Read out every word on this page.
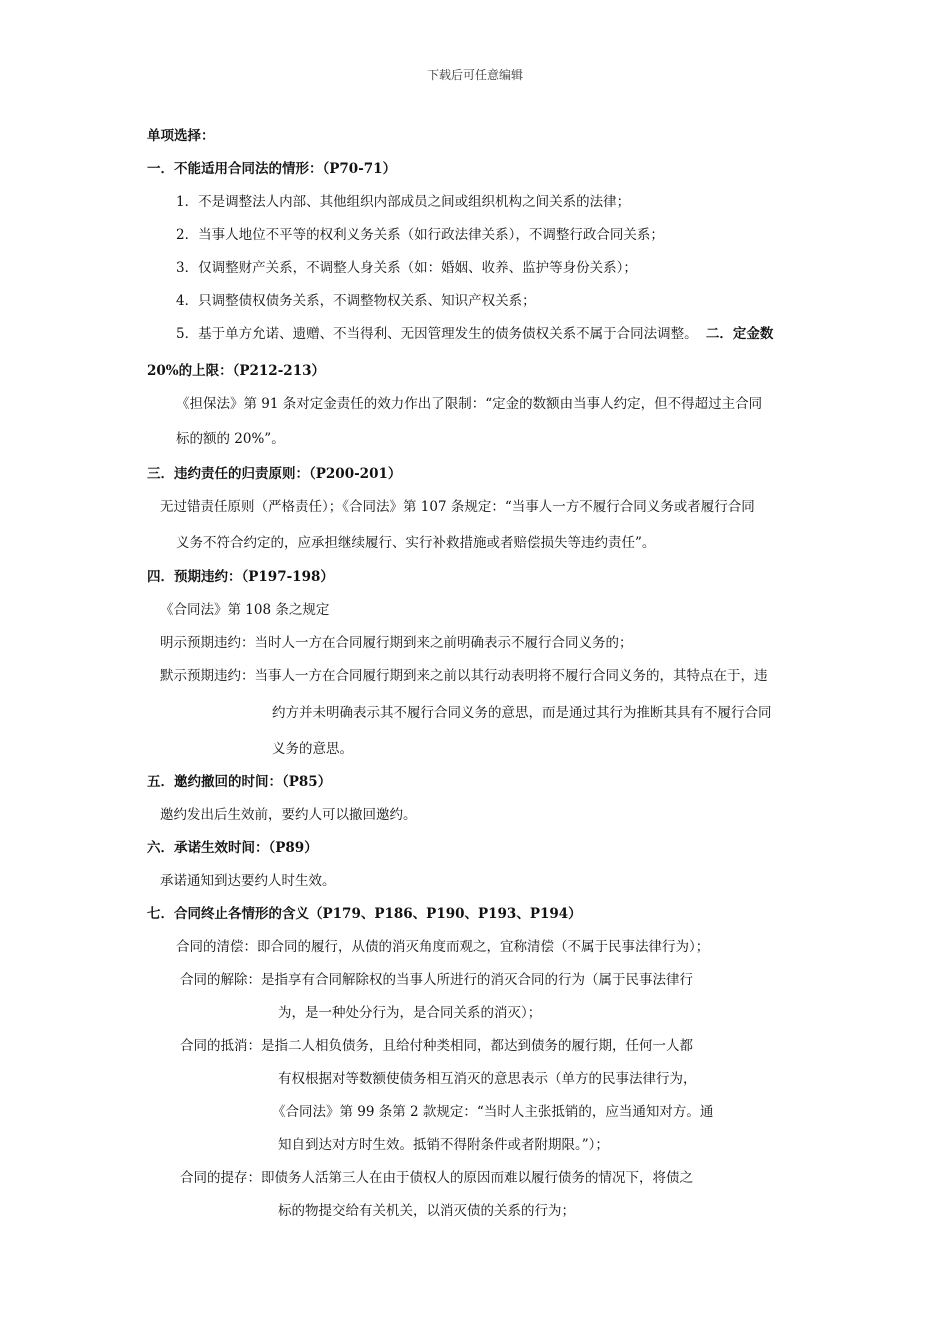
下载后可任意编辑
单项选择：
一．不能适用合同法的情形：（P70-71）
1．不是调整法人内部、其他组织内部成员之间或组织机构之间关系的法律；
2．当事人地位不平等的权利义务关系（如行政法律关系），不调整行政合同关系；
3．仅调整财产关系，不调整人身关系（如：婚姻、收养、监护等身份关系）；
4．只调整债权债务关系，不调整物权关系、知识产权关系；
5．基于单方允诺、遗赠、不当得利、无因管理发生的债务债权关系不属于合同法调整。 二．定金数
20%的上限：（P212-213）
《担保法》第 91 条对定金责任的效力作出了限制：“定金的数额由当事人约定，但不得超过主合同
标的额的 20%”。
三．违约责任的归责原则：（P200-201）
无过错责任原则（严格责任）；《合同法》第 107 条规定：“当事人一方不履行合同义务或者履行合同
义务不符合约定的，应承担继续履行、实行补救措施或者赔偿损失等违约责任”。
四．预期违约：（P197-198）
《合同法》第 108 条之规定
明示预期违约：当时人一方在合同履行期到来之前明确表示不履行合同义务的；
默示预期违约：当事人一方在合同履行期到来之前以其行动表明将不履行合同义务的，其特点在于，违
约方并未明确表示其不履行合同义务的意思，而是通过其行为推断其具有不履行合同
义务的意思。
五．邀约撤回的时间：（P85）
邀约发出后生效前，要约人可以撤回邀约。
六．承诺生效时间：（P89）
承诺通知到达要约人时生效。
七．合同终止各情形的含义（P179、P186、P190、P193、P194）
合同的清偿：即合同的履行，从债的消灭角度而观之，宜称清偿（不属于民事法律行为）；
合同的解除：是指享有合同解除权的当事人所进行的消灭合同的行为（属于民事法律行
为，是一种处分行为，是合同关系的消灭）；
合同的抵消：是指二人相负债务，且给付种类相同，都达到债务的履行期，任何一人都
有权根据对等数额使债务相互消灭的意思表示（单方的民事法律行为，
《合同法》第 99 条第 2 款规定：“当时人主张抵销的，应当通知对方。通
知自到达对方时生效。抵销不得附条件或者附期限。”）；
合同的提存：即债务人活第三人在由于债权人的原因而难以履行债务的情况下，将债之
标的物提交给有关机关，以消灭债的关系的行为；
